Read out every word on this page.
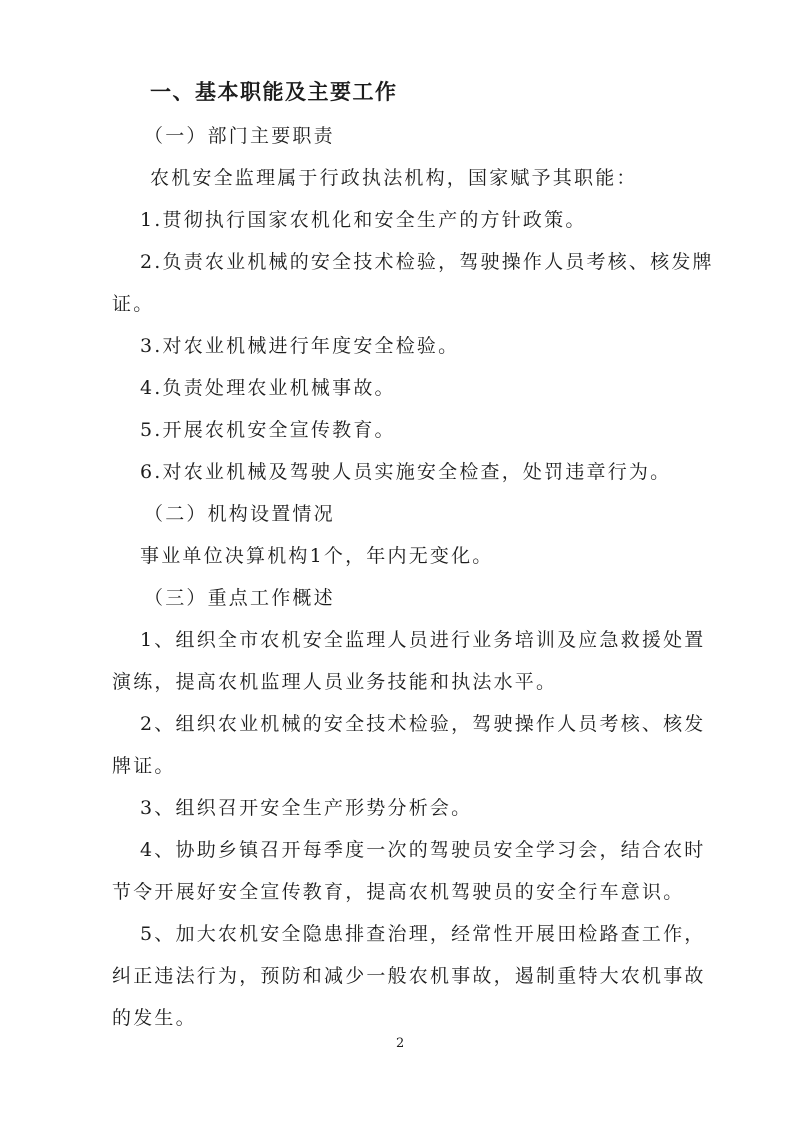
一、基本职能及主要工作
（一）部门主要职责
农机安全监理属于行政执法机构，国家赋予其职能：
1.贯彻执行国家农机化和安全生产的方针政策。
2.负责农业机械的安全技术检验，驾驶操作人员考核、核发牌
证。
3.对农业机械进行年度安全检验。
4.负责处理农业机械事故。
5.开展农机安全宣传教育。
6.对农业机械及驾驶人员实施安全检查，处罚违章行为。
（二）机构设置情况
事业单位决算机构1个，年内无变化。
（三）重点工作概述
1、组织全市农机安全监理人员进行业务培训及应急救援处置
演练，提高农机监理人员业务技能和执法水平。
2、组织农业机械的安全技术检验，驾驶操作人员考核、核发
牌证。
3、组织召开安全生产形势分析会。
4、协助乡镇召开每季度一次的驾驶员安全学习会，结合农时
节令开展好安全宣传教育，提高农机驾驶员的安全行车意识。
5、加大农机安全隐患排查治理，经常性开展田检路查工作，
纠正违法行为，预防和减少一般农机事故，遏制重特大农机事故
的发生。
2
